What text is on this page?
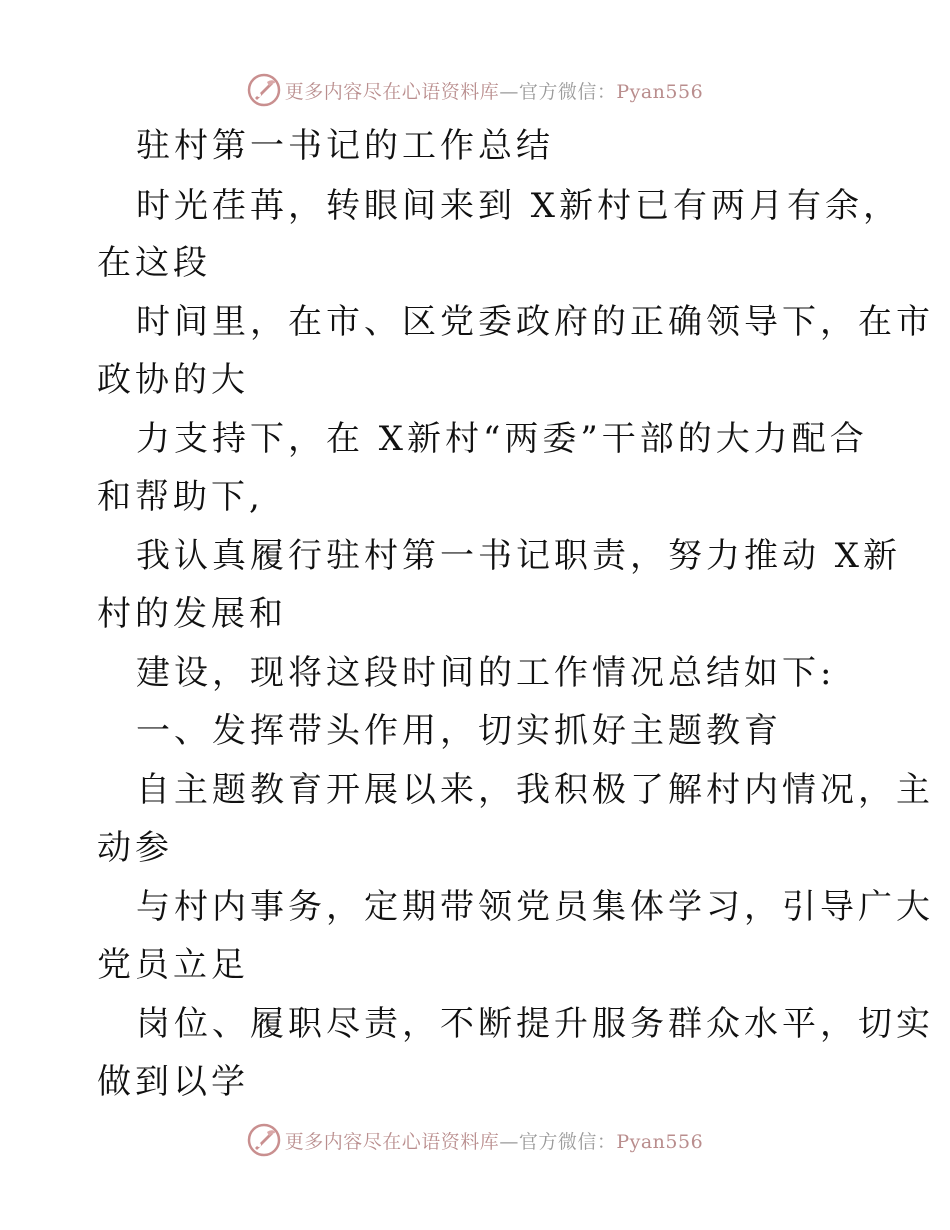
更多内容尽在心语资料库—官方微信：Pyan556
驻村第一书记的工作总结
时光荏苒，转眼间来到 X新村已有两月有余，
在这段
时间里，在市、区党委政府的正确领导下，在市
政协的大
力支持下，在 X新村“两委”干部的大力配合
和帮助下,
我认真履行驻村第一书记职责，努力推动 X新
村的发展和
建设，现将这段时间的工作情况总结如下:
一、发挥带头作用，切实抓好主题教育
自主题教育开展以来，我积极了解村内情况，主
动参
与村内事务，定期带领党员集体学习，引导广大
党员立足
岗位、履职尽责，不断提升服务群众水平，切实
做到以学
更多内容尽在心语资料库—官方微信：Pyan556
